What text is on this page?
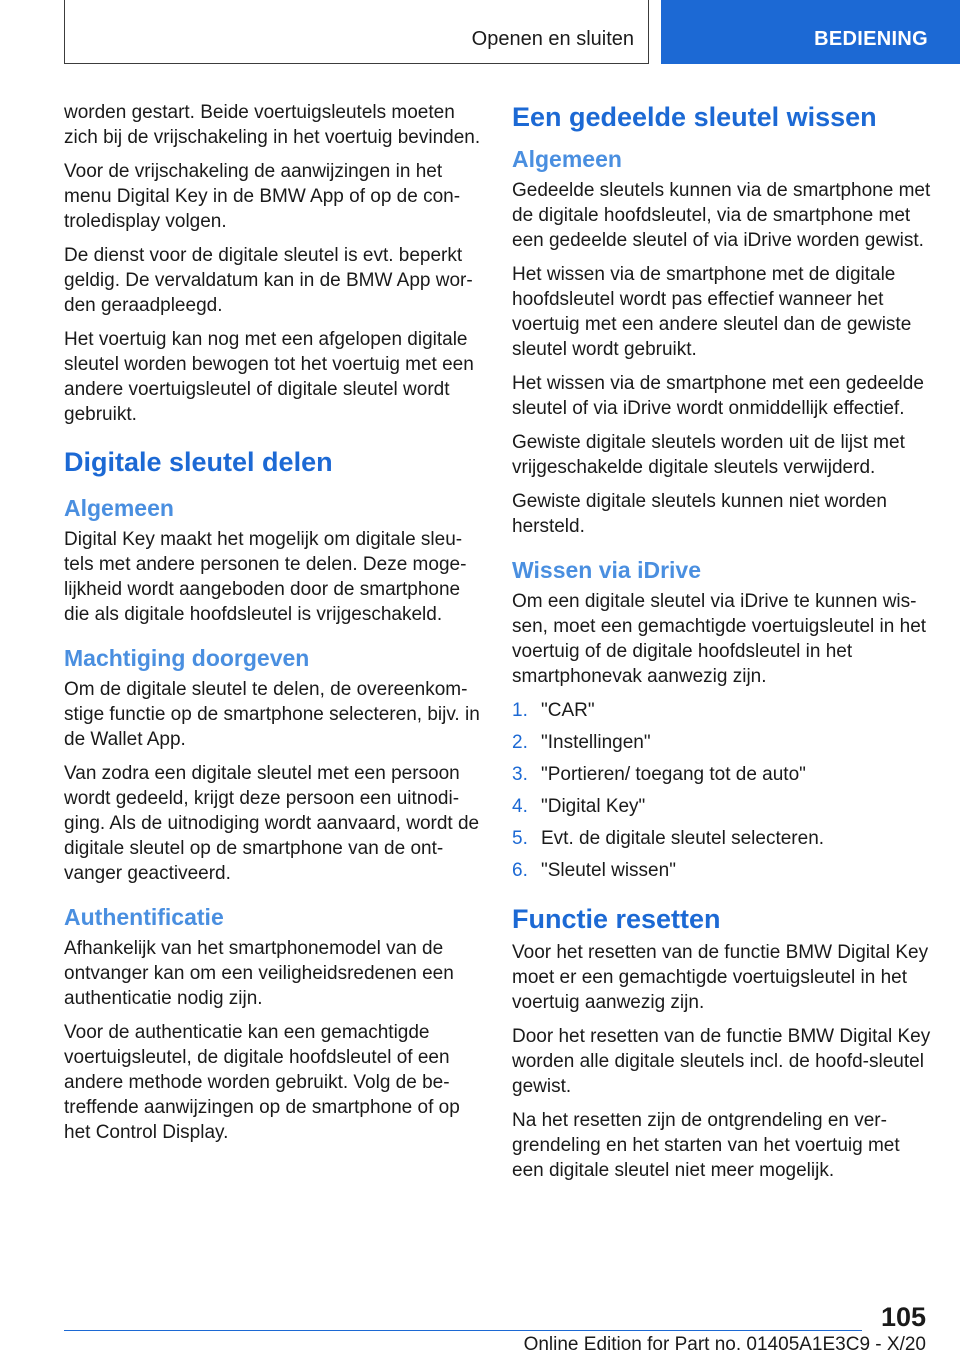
Openen en sluiten	BEDIENING

worden gestart. Beide voertuigsleutels moeten zich bij de vrijschakeling in het voertuig bevinden.

Voor de vrijschakeling de aanwijzingen in het menu Digital Key in de BMW App of op de con-troledisplay volgen.

De dienst voor de digitale sleutel is evt. beperkt geldig. De vervaldatum kan in de BMW App wor-den geraadpleegd.

Het voertuig kan nog met een afgelopen digitale sleutel worden bewogen tot het voertuig met een andere voertuigsleutel of digitale sleutel wordt gebruikt.

Digitale sleutel delen
Algemeen

Digital Key maakt het mogelijk om digitale sleu-tels met andere personen te delen. Deze moge-lijkheid wordt aangeboden door de smartphone die als digitale hoofdsleutel is vrijgeschakeld.

Machtiging doorgeven

Om de digitale sleutel te delen, de overeenkom-stige functie op de smartphone selecteren, bijv. in de Wallet App.

Van zodra een digitale sleutel met een persoon wordt gedeeld, krijgt deze persoon een uitnodi-ging. Als de uitnodiging wordt aanvaard, wordt de digitale sleutel op de smartphone van de ont-vanger geactiveerd.

Authentificatie

Afhankelijk van het smartphonemodel van de ontvanger kan om een veiligheidsredenen een authenticatie nodig zijn.

Voor de authenticatie kan een gemachtigde voertuigsleutel, de digitale hoofdsleutel of een andere methode worden gebruikt. Volg de be-treffende aanwijzingen op de smartphone of op het Control Display.

Een gedeelde sleutel wissen
Algemeen

Gedeelde sleutels kunnen via de smartphone met de digitale hoofdsleutel, via de smartphone met een gedeelde sleutel of via iDrive worden gewist.

Het wissen via de smartphone met de digitale hoofdsleutel wordt pas effectief wanneer het voertuig met een andere sleutel dan de gewiste sleutel wordt gebruikt.

Het wissen via de smartphone met een gedeelde sleutel of via iDrive wordt onmiddellijk effectief.

Gewiste digitale sleutels worden uit de lijst met vrijgeschakelde digitale sleutels verwijderd.

Gewiste digitale sleutels kunnen niet worden hersteld.

Wissen via iDrive

Om een digitale sleutel via iDrive te kunnen wis-sen, moet een gemachtigde voertuigsleutel in het voertuig of de digitale hoofdsleutel in het smartphonevak aanwezig zijn.

1. "CAR"
2. "Instellingen"
3. "Portieren/ toegang tot de auto"
4. "Digital Key"
5. Evt. de digitale sleutel selecteren.
6. "Sleutel wissen"
Functie resetten

Voor het resetten van de functie BMW Digital Key moet er een gemachtigde voertuigsleutel in het voertuig aanwezig zijn.

Door het resetten van de functie BMW Digital Key worden alle digitale sleutels incl. de hoofd-sleutel gewist.

Na het resetten zijn de ontgrendeling en ver-grendeling en het starten van het voertuig met een digitale sleutel niet meer mogelijk.

105
Online Edition for Part no. 01405A1E3C9 - X/20
